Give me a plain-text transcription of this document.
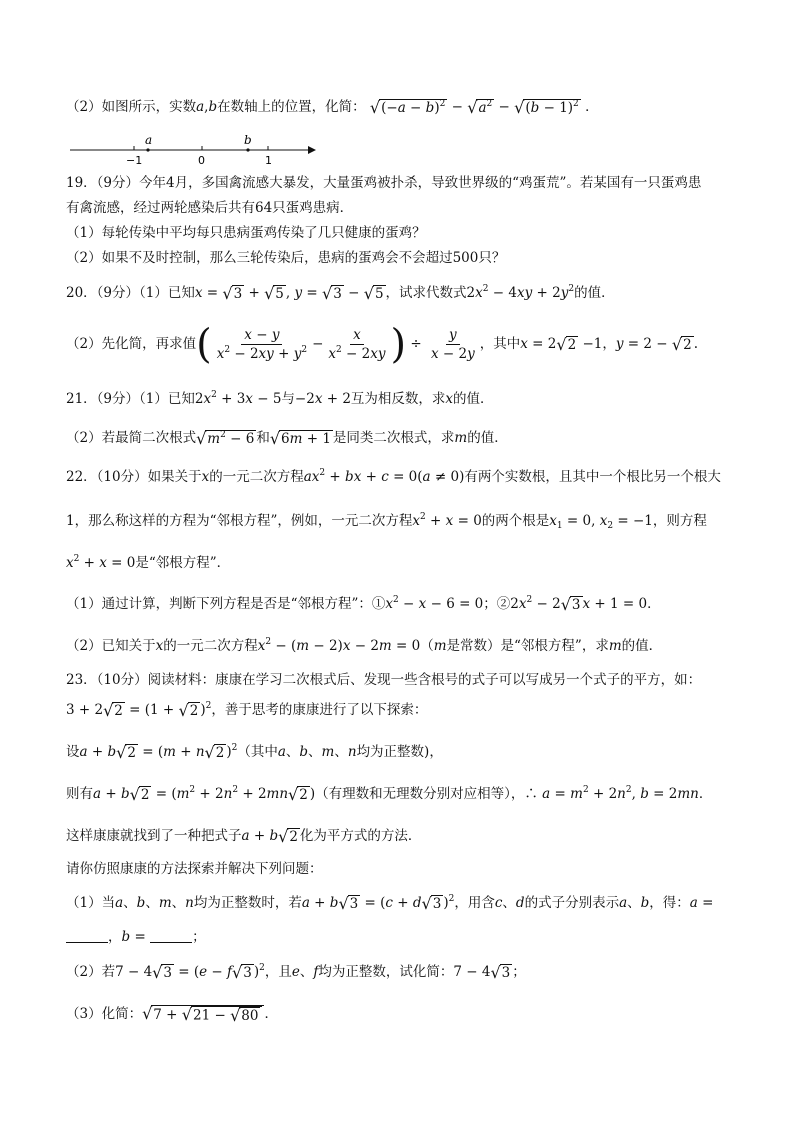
（2）如图所示，实数a,b在数轴上的位置，化简： √ $(-a - b)^2$ − √ $a^2$ − √ $(b - 1)^2$ ．
a	b
−1	0	1
19．（9分）今年4月，多国禽流感大暴发，大量蛋鸡被扑杀，导致世界级的“鸡蛋荒”。若某国有一只蛋鸡患
有禽流感，经过两轮感染后共有64只蛋鸡患病．
（1）每轮传染中平均每只患病蛋鸡传染了几只健康的蛋鸡？
（2）如果不及时控制，那么三轮传染后，患病的蛋鸡会不会超过500只？
20．（9分）（1）已知x = √ 3 + √ 5 , y = √ 3 − √ 5 ，试求代数式$2x^2 - 4xy + 2y^2$的值．
（2）先化简，再求值( $\frac{x - y}{x^2 - 2xy + y^2} - \frac{x}{x^2 - 2xy}$ ) ÷ $\frac{y}{x - 2y}$ ，其中x = 2 √ 2 −1，y = 2 − √ 2 .
21．（9分）（1）已知$2x^2 + 3x - 5$与−2x + 2互为相反数，求x的值．
（2）若最简二次根式 √ $m^2 - 6$ 和 √ 6m + 1 是同类二次根式，求m的值．
22．（10分）如果关于x的一元二次方程$ax^2$ + bx + c = 0(a ≠ 0)有两个实数根，且其中一个根比另一个根大
1，那么称这样的方程为“邻根方程”，例如，一元二次方程$x^2 + x = 0$的两个根是$x_1 = 0$, $x_2 = -1$，则方程
$x^2 + x = 0$是“邻根方程”．
（1）通过计算，判断下列方程是否是“邻根方程”：$①x^2 - x - 6 = 0$；$②2x^2 - 2$ √ 3 x + 1 = 0．
（2）已知关于x的一元二次方程$x^2 - (m - 2)x - 2m = 0(m$是常数）是“邻根方程”，求m的值．
23．（10分）阅读材料：康康在学习二次根式后、发现一些含根号的式子可以写成另一个式子的平方，如：
3 + 2 √ 2 = (1 + √ 2 )$^2$，善于思考的康康进行了以下探索：
设a + b √ 2 = (m + n √ 2 )$^2$（其中a、b、m、n均为正整数)，
则有a + b √ $2 = (m^2 + 2n^2 + 2mn$ √ 2 )（有理数和无理数分别对应相等），∴ $a = m^2 + 2n^2$, b = 2mn．
这样康康就找到了一种把式子a + b √ 2 化为平方式的方法．
请你仿照康康的方法探索并解决下列问题：
（1）当a、b、m、n均为正整数时，若a + b √ 3 = (c + d √ 3 )$^2$，用含c、d的式子分别表示a、b，得：a =
，b =	；
（2）若7 − 4 √ 3 = (e − f √ 3 )$^2$，且e、f均为正整数，试化简：7 − 4 √ 3 ；
（3）化简： √ 7 + √ 21 − √ 80 ．
